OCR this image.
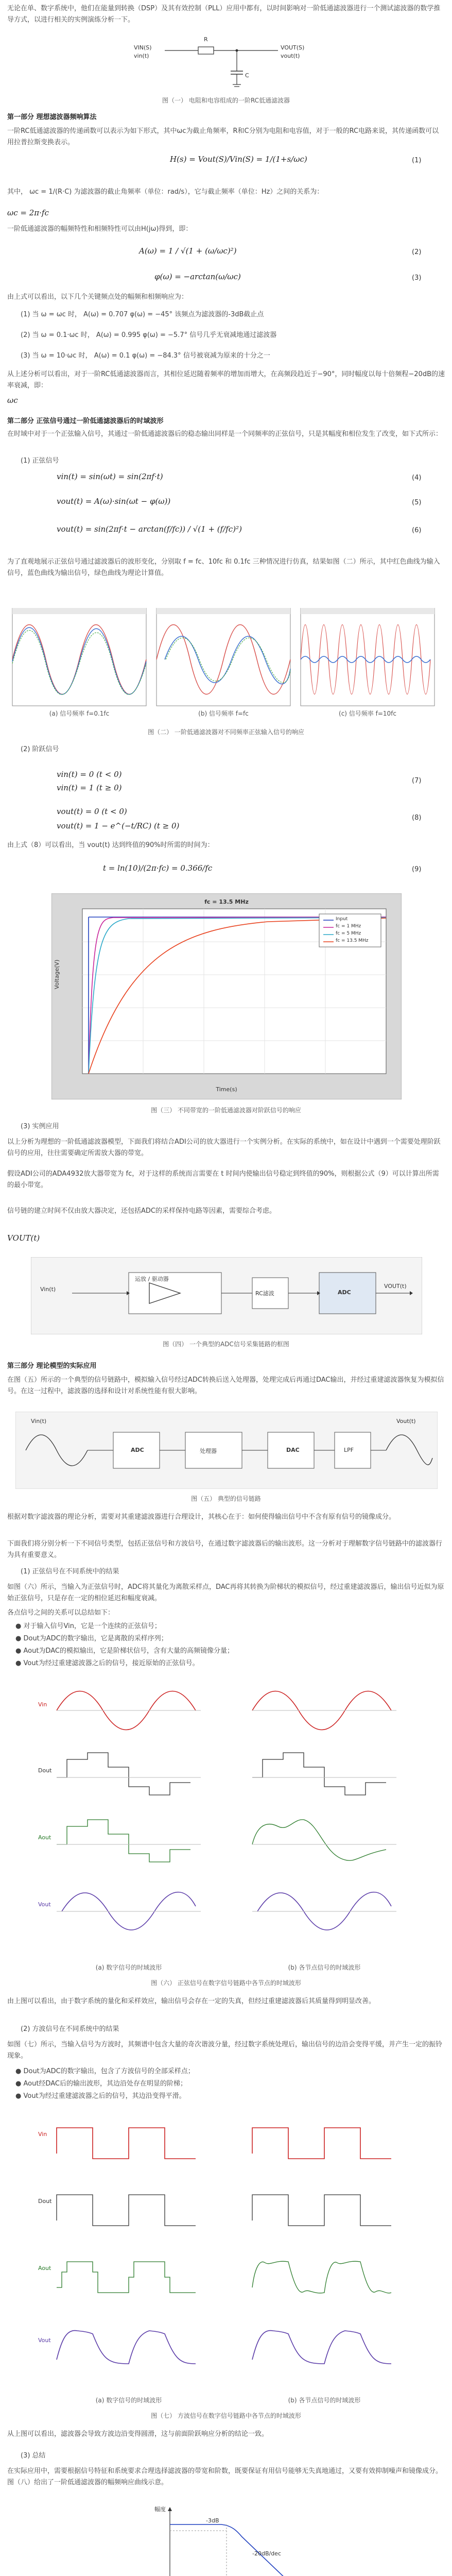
无论在单、数字系统中，他们在能量到转换（DSP）及其有效控制（PLL）应用中都有，以时间影响对一阶低通滤波器进行一个测试滤波器的数学推导方式，以进行相关的实例演练分析一下。

VIN(S)
vin(t)
R
C
VOUT(S)
vout(t)

图（一） 电阻和电容组成的一阶RC低通滤波器

第一部分 理想滤波器频响算法

一阶RC低通滤波器的传递函数可以表示为如下形式，其中ωc为截止角频率，R和C分别为电阻和电容值，对于一般的RC电路来说，其传递函数可以用拉普拉斯变换表示。

H(s) = Vout(S)/Vin(S) = 1/(1+s/ωc)	(1)

其中， ωc = 1/(R·C) 为滤波器的截止角频率（单位：rad/s），它与截止频率（单位：Hz）之间的关系为：

ωc = 2π·fc

一阶低通滤波器的幅频特性和相频特性可以由H(jω)得到，即：

A(ω) = 1 / √(1 + (ω/ωc)²)	(2)

φ(ω) = −arctan(ω/ωc)	(3)

由上式可以看出，以下几个关键频点处的幅频和相频响应为：

(1) 当 ω = ωc 时， A(ω) = 0.707 φ(ω) = −45° 该频点为滤波器的-3dB截止点

(2) 当 ω = 0.1·ωc 时， A(ω) = 0.995 φ(ω) = −5.7° 信号几乎无衰减地通过滤波器

(3) 当 ω = 10·ωc 时， A(ω) = 0.1 φ(ω) = −84.3° 信号被衰减为原来的十分之一

从上述分析可以看出，对于一阶RC低通滤波器而言，其相位延迟随着频率的增加而增大，在高频段趋近于−90°，同时幅度以每十倍频程−20dB的速率衰减，即：

ωc

第二部分 正弦信号通过一阶低通滤波器后的时域波形

在时域中对于一个正弦输入信号，其通过一阶低通滤波器后的稳态输出同样是一个同频率的正弦信号，只是其幅度和相位发生了改变，如下式所示：

(1) 正弦信号

vin(t) = sin(ωt) = sin(2πf·t)	(4)

vout(t) = A(ω)·sin(ωt − φ(ω))	(5)

vout(t) = sin(2πf·t − arctan(f/fc)) / √(1 + (f/fc)²)	(6)

为了直观地展示正弦信号通过滤波器后的波形变化，分别取 f = fc、10fc 和 0.1fc 三种情况进行仿真，结果如图（二）所示，其中红色曲线为输入信号，蓝色曲线为输出信号，绿色曲线为理论计算值。

(a) 信号频率 f=0.1fc	(b) 信号频率 f=fc	(c) 信号频率 f=10fc

图（二） 一阶低通滤波器对不同频率正弦输入信号的响应

(2) 阶跃信号

vin(t) = 0 (t < 0)

vin(t) = 1 (t ≥ 0)

(7)

vout(t) = 0 (t < 0)

vout(t) = 1 − e^(−t/RC) (t ≥ 0)

(8)

由上式（8）可以看出，当 vout(t) 达到终值的90%时所需的时间为：

t = ln(10)/(2π·fc) = 0.366/fc	(9)

fc = 13.5 MHz

Voltage(V)

Time(s)

Input

fc = 1 MHz

fc = 5 MHz

fc = 13.5 MHz

图（三） 不同带宽的一阶低通滤波器对阶跃信号的响应

(3) 实例应用

以上分析为理想的一阶低通滤波器模型，下面我们将结合ADI公司的放大器进行一个实例分析。在实际的系统中，如在设计中遇到一个需要处理阶跃信号的应用，往往需要确定所需放大器的带宽。

假设ADI公司的ADA4932放大器带宽为 fc，对于这样的系统而言需要在 t 时间内使输出信号稳定到终值的90%，则根据公式（9）可以计算出所需的最小带宽。

VOUT(t)

信号链的建立时间不仅由放大器决定，还包括ADC的采样保持电路等因素，需要综合考虑。

Vin(t)
运放 / 驱动器
RC滤波	ADC
VOUT(t)

图（四） 一个典型的ADC信号采集链路的框图

第三部分 理论模型的实际应用

在图（五）所示的一个典型的信号链路中，模拟输入信号经过ADC转换后送入处理器，处理完成后再通过DAC输出，并经过重建滤波器恢复为模拟信号。在这一过程中，滤波器的选择和设计对系统性能有很大影响。

Vin(t)
ADC	处理器	DAC	LPF
Vout(t)

图（五） 典型的信号链路

根据对数字滤波器的理论分析，需要对其重建滤波器进行合理设计，其核心在于：如何使得输出信号中不含有原有信号的镜像成分。

下面我们将分别分析一下不同信号类型，包括正弦信号和方波信号，在通过数字滤波器后的输出波形。这一分析对于理解数字信号链路中的滤波器行为具有重要意义。

(1) 正弦信号在不同系统中的结果

如图（六）所示，当输入为正弦信号时，ADC将其量化为离散采样点，DAC再将其转换为阶梯状的模拟信号，经过重建滤波器后，输出信号近似为原始正弦信号，只是存在一定的相位延迟和幅度衰减。

各点信号之间的关系可以总结如下：

● 对于输入信号Vin，它是一个连续的正弦信号；

● Dout为ADC的数字输出，它是离散的采样序列；

● Aout为DAC的模拟输出，它是阶梯状信号，含有大量的高频镜像分量；

● Vout为经过重建滤波器之后的信号，接近原始的正弦信号。

Vin
Dout
Aout
Vout

(a) 数字信号的时域波形	(b) 各节点信号的时域波形

图（六） 正弦信号在数字信号链路中各节点的时域波形

由上图可以看出，由于数字系统的量化和采样效应，输出信号会存在一定的失真，但经过重建滤波器后其质量得到明显改善。

(2) 方波信号在不同系统中的结果

如图（七）所示，当输入信号为方波时，其频谱中包含大量的奇次谐波分量，经过数字系统处理后，输出信号的边沿会变得平缓，并产生一定的振铃现象。

● Dout为ADC的数字输出，包含了方波信号的全部采样点；

● Aout经DAC后的输出波形，其边沿处存在明显的阶梯；

● Vout为经过重建滤波器之后的信号，其边沿变得平滑。

Vin
Dout
Aout
Vout

(a) 数字信号的时域波形	(b) 各节点信号的时域波形

图（七） 方波信号在数字信号链路中各节点的时域波形

从上图可以看出，滤波器会导致方波边沿变得圆滑，这与前面阶跃响应分析的结论一致。

(3) 总结

在实际应用中，需要根据信号特征和系统要求合理选择滤波器的带宽和阶数，既要保证有用信号能够无失真地通过，又要有效抑制噪声和镜像成分。图（八）给出了一阶低通滤波器的幅频响应曲线示意。

幅度
-3dB
-20dB/dec
